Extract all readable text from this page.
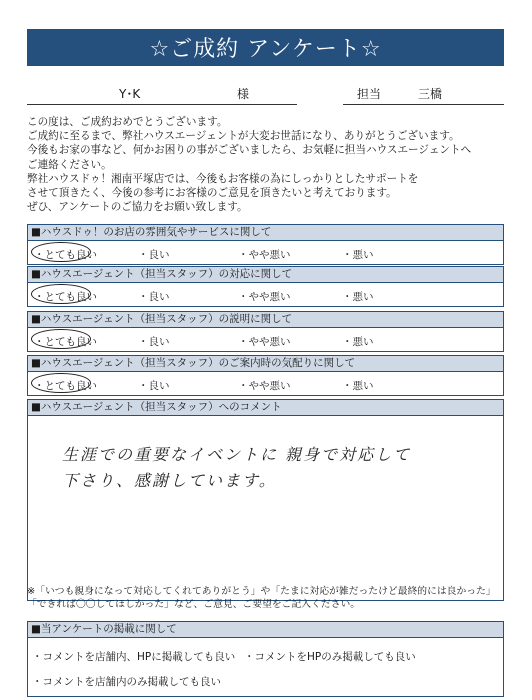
☆ご成約 アンケート☆
Y･K	様	担当	三橋

この度は、ご成約おめでとうございます。

ご成約に至るまで、弊社ハウスエージェントが大変お世話になり、ありがとうございます。

今後もお家の事など、何かお困りの事がございましたら、お気軽に担当ハウスエージェントへ

ご連絡ください。

弊社ハウスドゥ！湘南平塚店では、今後もお客様の為にしっかりとしたサポートを

させて頂きたく、今後の参考にお客様のご意見を頂きたいと考えております。

ぜひ、アンケートのご協力をお願い致します。

■ハウスドゥ！のお店の雰囲気やサービスに関して
・とても良い	・良い	・やや悪い	・悪い
■ハウスエージェント（担当スタッフ）の対応に関して
・とても良い	・良い	・やや悪い	・悪い
■ハウスエージェント（担当スタッフ）の説明に関して
・とても良い	・良い	・やや悪い	・悪い
■ハウスエージェント（担当スタッフ）のご案内時の気配りに関して
・とても良い	・良い	・やや悪い	・悪い
■ハウスエージェント（担当スタッフ）へのコメント
生涯での重要なイベントに 親身で対応して
下さり、感謝しています。

※「いつも親身になって対応してくれてありがとう」や「たまに対応が雑だったけど最終的には良かった」

「できれば〇〇してほしかった」など、ご意見、ご要望をご記入ください。

■当アンケートの掲載に関して
・コメントを店舗内、HPに掲載しても良い ・コメントをHPのみ掲載しても良い
・コメントを店舗内のみ掲載しても良い
